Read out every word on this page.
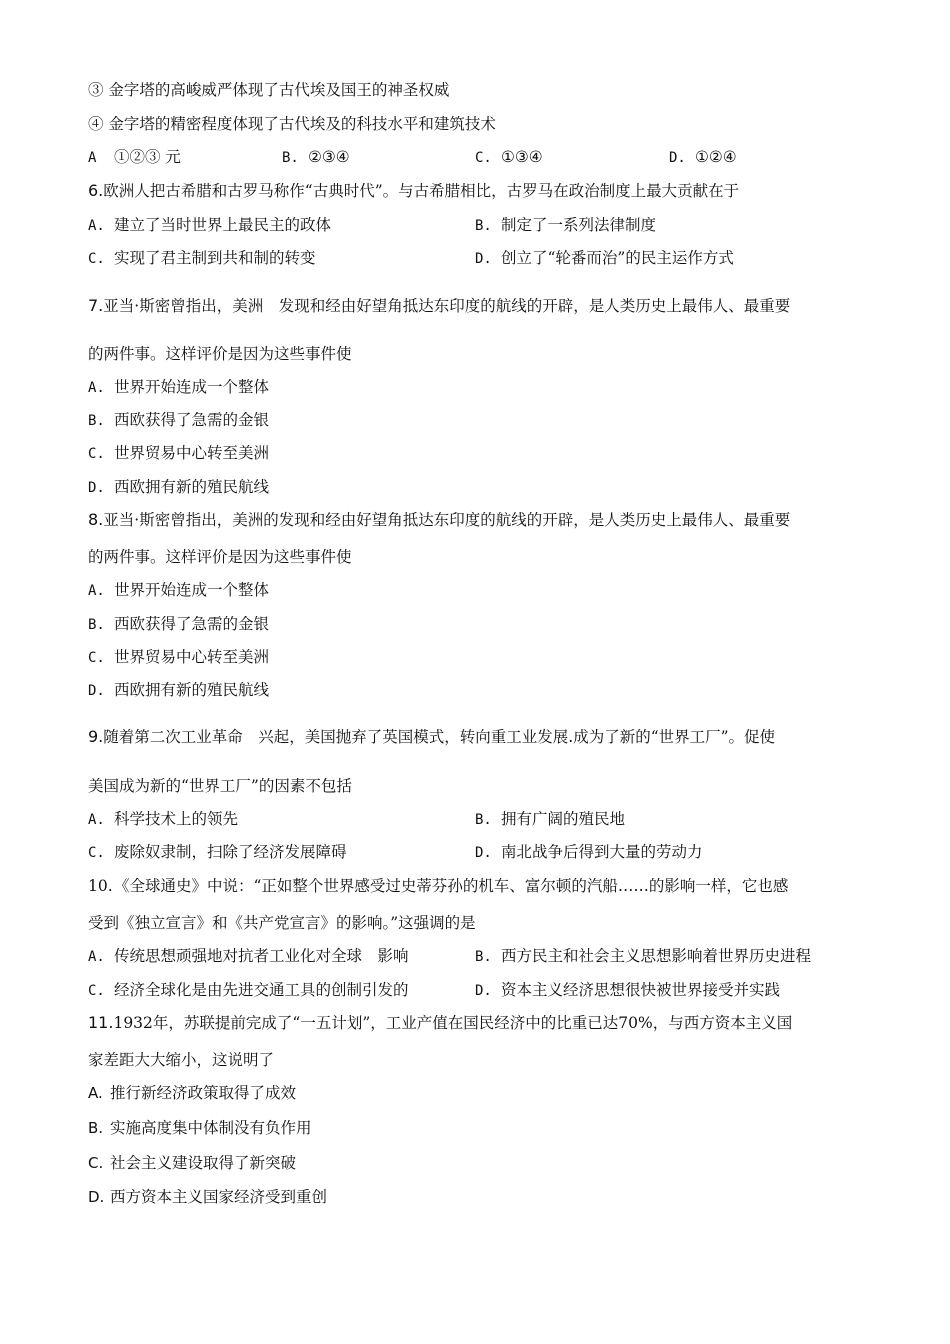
③ 金字塔的高峻威严体现了古代埃及国王的神圣权威
④ 金字塔的精密程度体现了古代埃及的科技水平和建筑技术
A ①②③ 元	B. ②③④	C. ①③④	D. ①②④
6.欧洲人把古希腊和古罗马称作“古典时代”。与古希腊相比，古罗马在政治制度上最大贡献在于
A. 建立了当时世界上最民主的政体	B. 制定了一系列法律制度
C. 实现了君主制到共和制的转变	D. 创立了“轮番而治”的民主运作方式
7.亚当·斯密曾指出，美洲　发现和经由好望角抵达东印度的航线的开辟，是人类历史上最伟人、最重要
的两件事。这样评价是因为这些事件使
A. 世界开始连成一个整体
B. 西欧获得了急需的金银
C. 世界贸易中心转至美洲
D. 西欧拥有新的殖民航线
8.亚当·斯密曾指出，美洲的发现和经由好望角抵达东印度的航线的开辟，是人类历史上最伟人、最重要
的两件事。这样评价是因为这些事件使
A. 世界开始连成一个整体
B. 西欧获得了急需的金银
C. 世界贸易中心转至美洲
D. 西欧拥有新的殖民航线
9.随着第二次工业革命　兴起，美国抛弃了英国模式，转向重工业发展.成为了新的“世界工厂”。促使
美国成为新的“世界工厂”的因素不包括
A. 科学技术上的领先	B. 拥有广阔的殖民地
C. 废除奴隶制，扫除了经济发展障碍	D. 南北战争后得到大量的劳动力
10.《全球通史》中说：“正如整个世界感受过史蒂芬孙的机车、富尔顿的汽船……的影响一样，它也感
受到《独立宣言》和《共产党宣言》的影响。”这强调的是
A. 传统思想顽强地对抗者工业化对全球　影响	B. 西方民主和社会主义思想影响着世界历史进程
C. 经济全球化是由先进交通工具的创制引发的	D. 资本主义经济思想很快被世界接受并实践
11.1932年，苏联提前完成了“一五计划”，工业产值在国民经济中的比重已达70%，与西方资本主义国
家差距大大缩小，这说明了
A. 推行新经济政策取得了成效
B. 实施高度集中体制没有负作用
C. 社会主义建设取得了新突破
D. 西方资本主义国家经济受到重创
